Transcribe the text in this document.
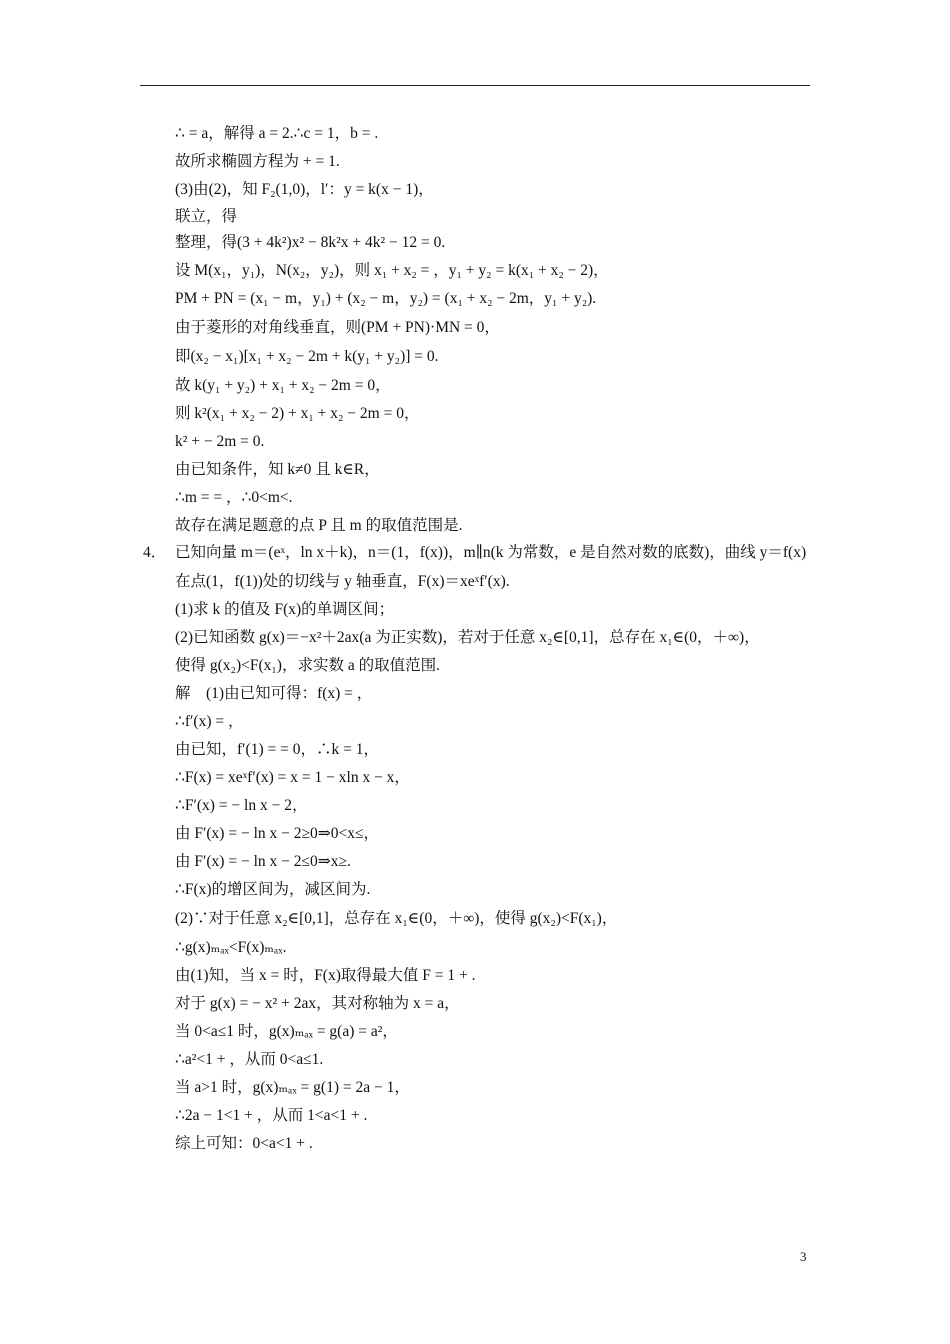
∴ = a，解得 a = 2.∴c = 1，b = .
故所求椭圆方程为 + = 1.
(3)由(2)，知 F₂(1,0)，l′：y = k(x − 1)，
联立，得
整理，得(3 + 4k²)x² − 8k²x + 4k² − 12 = 0.
设 M(x₁，y₁)，N(x₂，y₂)，则 x₁ + x₂ = ，y₁ + y₂ = k(x₁ + x₂ − 2)，
PM + PN = (x₁ − m，y₁) + (x₂ − m，y₂) = (x₁ + x₂ − 2m，y₁ + y₂).
由于菱形的对角线垂直，则(PM + PN)·MN = 0，
即(x₂ − x₁)[x₁ + x₂ − 2m + k(y₁ + y₂)] = 0.
故 k(y₁ + y₂) + x₁ + x₂ − 2m = 0，
则 k²(x₁ + x₂ − 2) + x₁ + x₂ − 2m = 0，
k² + − 2m = 0.
由已知条件，知 k≠0 且 k∈R，
∴m = = ，∴0<m<.
故存在满足题意的点 P 且 m 的取值范围是.
4． 已知向量 m＝(eˣ，ln x＋k)，n＝(1，f(x))，m∥n(k 为常数，e 是自然对数的底数)，曲线 y＝f(x)
在点(1，f(1))处的切线与 y 轴垂直，F(x)＝xeˣf′(x).
(1)求 k 的值及 F(x)的单调区间；
(2)已知函数 g(x)＝−x²＋2ax(a 为正实数)，若对于任意 x₂∈[0,1]，总存在 x₁∈(0，＋∞)，
使得 g(x₂)<F(x₁)，求实数 a 的取值范围.
解　(1)由已知可得：f(x) = ，
∴f′(x) = ，
由已知，f′(1) = = 0，∴k = 1，
∴F(x) = xeˣf′(x) = x = 1 − xln x − x，
∴F′(x) = − ln x − 2，
由 F′(x) = − ln x − 2≥0⇒0<x≤，
由 F′(x) = − ln x − 2≤0⇒x≥.
∴F(x)的增区间为，减区间为.
(2)∵对于任意 x₂∈[0,1]，总存在 x₁∈(0，＋∞)，使得 g(x₂)<F(x₁)，
∴g(x)ₘₐₓ<F(x)ₘₐₓ.
由(1)知，当 x = 时，F(x)取得最大值 F = 1 + .
对于 g(x) = − x² + 2ax，其对称轴为 x = a，
当 0<a≤1 时，g(x)ₘₐₓ = g(a) = a²，
∴a²<1 + ，从而 0<a≤1.
当 a>1 时，g(x)ₘₐₓ = g(1) = 2a − 1，
∴2a − 1<1 + ，从而 1<a<1 + .
综上可知：0<a<1 + .
3
